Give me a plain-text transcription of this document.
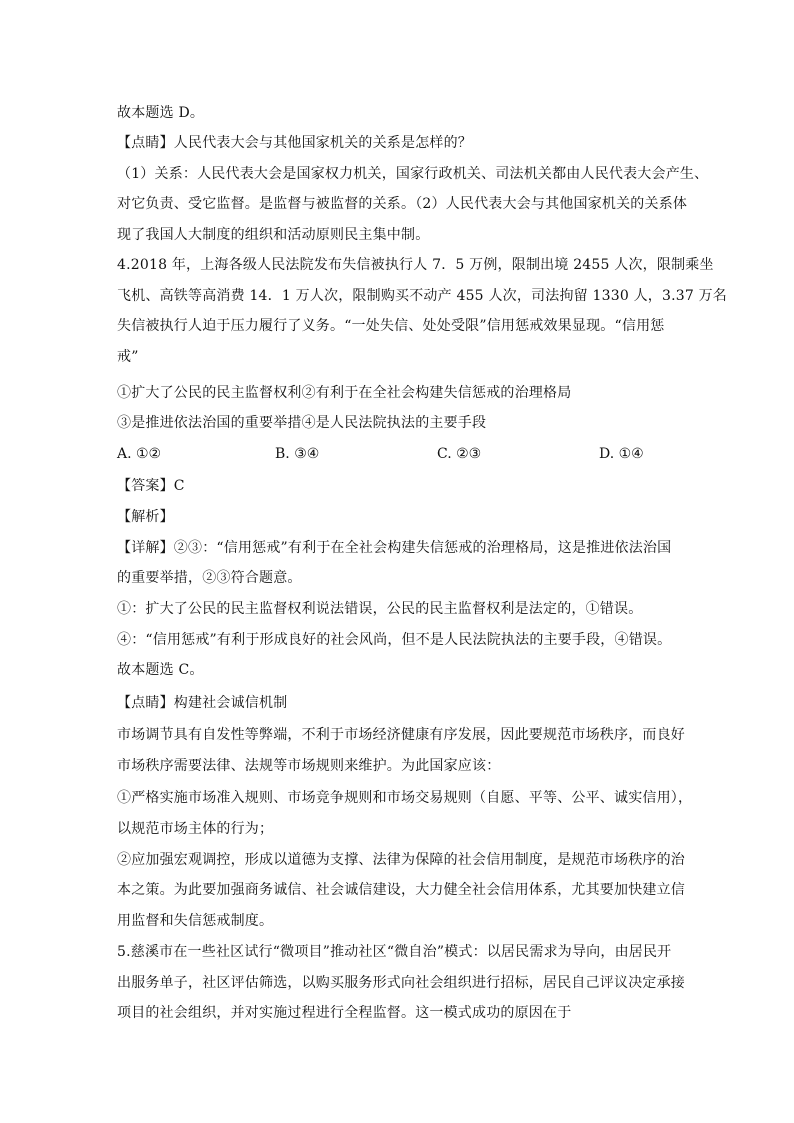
故本题选 D。
【点睛】人民代表大会与其他国家机关的关系是怎样的？
（1）关系：人民代表大会是国家权力机关，国家行政机关、司法机关都由人民代表大会产生、
对它负责、受它监督。是监督与被监督的关系。（2）人民代表大会与其他国家机关的关系体
现了我国人大制度的组织和活动原则民主集中制。
4.2018 年，上海各级人民法院发布失信被执行人 7．5 万例，限制出境 2455 人次，限制乘坐
飞机、高铁等高消费 14．1 万人次，限制购买不动产 455 人次，司法拘留 1330 人，3.37 万名
失信被执行人迫于压力履行了义务。“一处失信、处处受限”信用惩戒效果显现。“信用惩
戒”
①扩大了公民的民主监督权利②有利于在全社会构建失信惩戒的治理格局
③是推进依法治国的重要举措④是人民法院执法的主要手段
A. ①②	B. ③④	C. ②③	D. ①④
【答案】C
【解析】
【详解】②③：“信用惩戒”有利于在全社会构建失信惩戒的治理格局，这是推进依法治国
的重要举措，②③符合题意。
①：扩大了公民的民主监督权利说法错误，公民的民主监督权利是法定的，①错误。
④：“信用惩戒”有利于形成良好的社会风尚，但不是人民法院执法的主要手段，④错误。
故本题选 C。
【点睛】构建社会诚信机制
市场调节具有自发性等弊端，不利于市场经济健康有序发展，因此要规范市场秩序，而良好
市场秩序需要法律、法规等市场规则来维护。为此国家应该：
①严格实施市场准入规则、市场竞争规则和市场交易规则（自愿、平等、公平、诚实信用），
以规范市场主体的行为；
②应加强宏观调控，形成以道德为支撑、法律为保障的社会信用制度，是规范市场秩序的治
本之策。为此要加强商务诚信、社会诚信建设，大力健全社会信用体系，尤其要加快建立信
用监督和失信惩戒制度。
5.慈溪市在一些社区试行“微项目”推动社区“微自治”模式：以居民需求为导向，由居民开
出服务单子，社区评估筛选，以购买服务形式向社会组织进行招标，居民自己评议决定承接
项目的社会组织，并对实施过程进行全程监督。这一模式成功的原因在于
